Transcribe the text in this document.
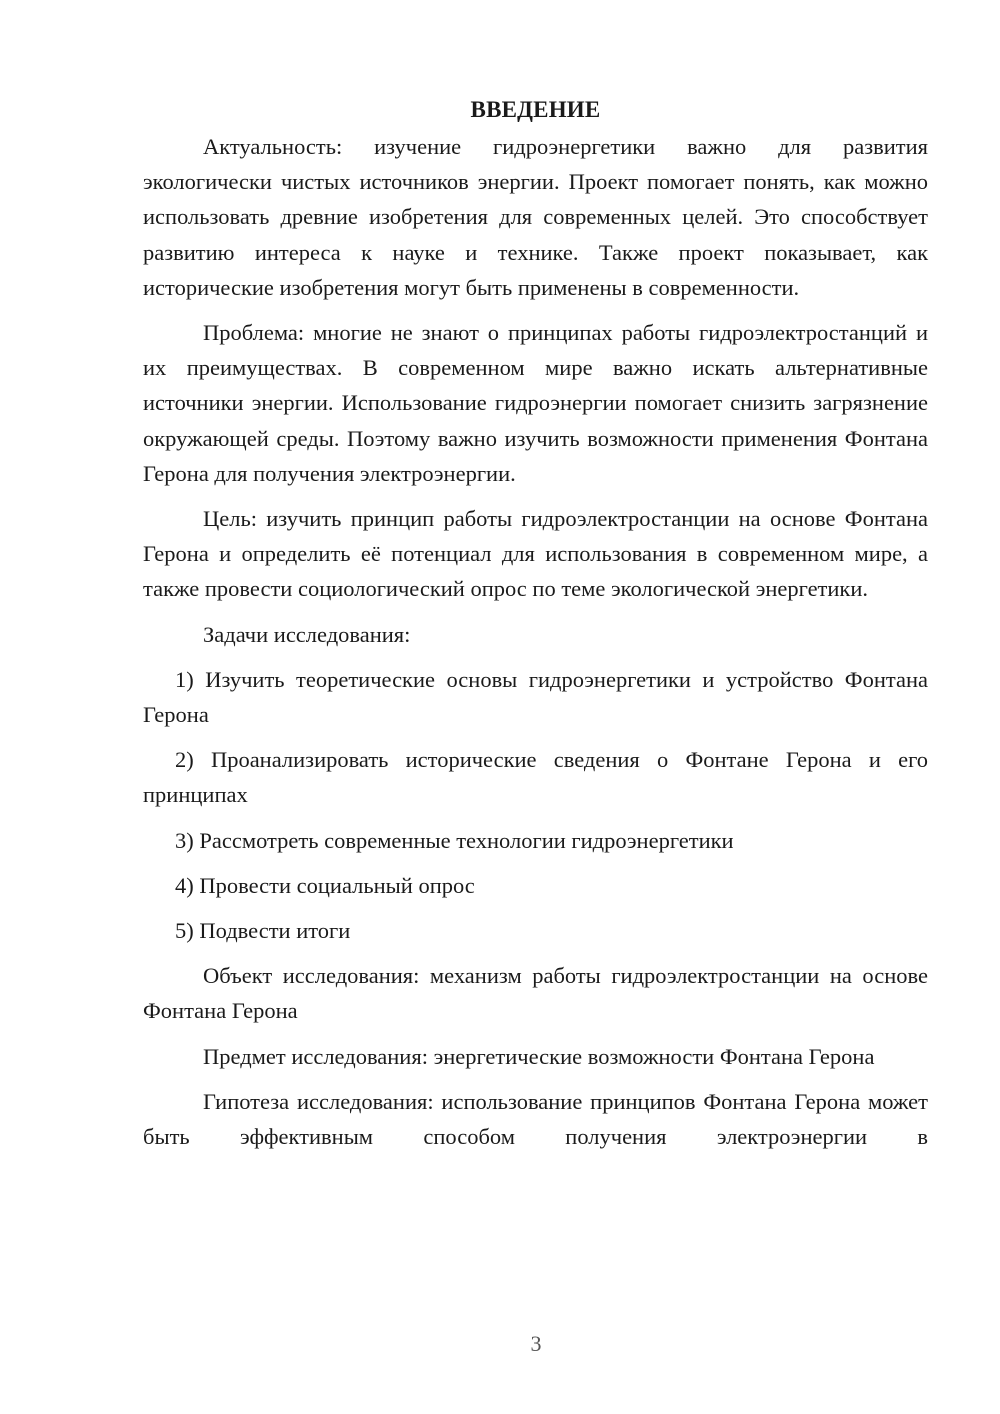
ВВЕДЕНИЕ

Актуальность: изучение гидроэнергетики важно для развития экологически чистых источников энергии. Проект помогает понять, как можно использовать древние изобретения для современных целей. Это способствует развитию интереса к науке и технике. Также проект показывает, как исторические изобретения могут быть применены в современности.

Проблема: многие не знают о принципах работы гидроэлектростанций и их преимуществах. В современном мире важно искать альтернативные источники энергии. Использование гидроэнергии помогает снизить загрязнение окружающей среды. Поэтому важно изучить возможности применения Фонтана Герона для получения электроэнергии.

Цель: изучить принцип работы гидроэлектростанции на основе Фонтана Герона и определить её потенциал для использования в современном мире, а также провести социологический опрос по теме экологической энергетики.

Задачи исследования:

1) Изучить теоретические основы гидроэнергетики и устройство Фонтана Герона

2) Проанализировать исторические сведения о Фонтане Герона и его принципах

3) Рассмотреть современные технологии гидроэнергетики

4) Провести социальный опрос

5) Подвести итоги

Объект исследования: механизм работы гидроэлектростанции на основе Фонтана Герона

Предмет исследования: энергетические возможности Фонтана Герона

Гипотеза исследования: использование принципов Фонтана Герона может быть эффективным способом получения электроэнергии в

3
